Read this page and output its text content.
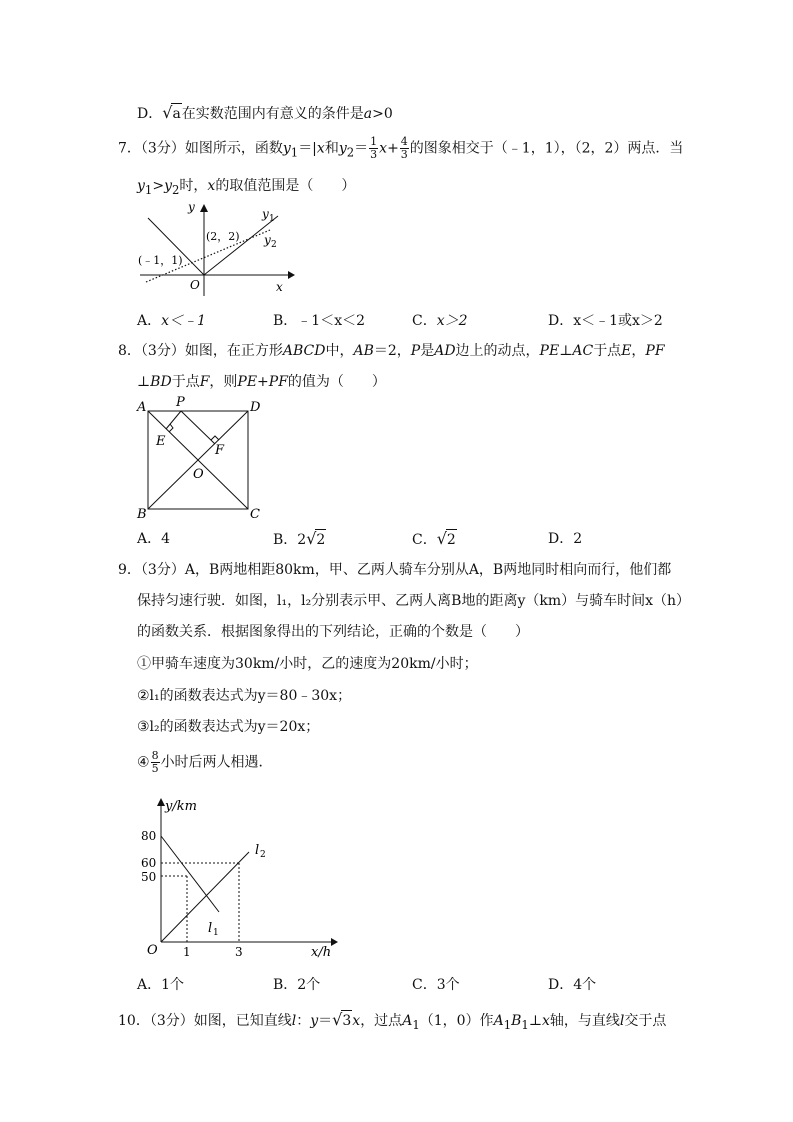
D．√a在实数范围内有意义的条件是a>0
7．（3分）如图所示，函数$y_1=|x$和$y_2= \frac{1}{3} x+ \frac{4}{3}$ 的图象相交于（﹣1，1），（2，2）两点．当
$y_1>y_2$时，x的取值范围是（　　）
y
x
O
y 1
y 2
(﹣1，1)
(2，2)
A．x＜﹣1	B．﹣1＜x＜2	C．x＞2	D．x＜﹣1或x＞2
8．（3分）如图，在正方形ABCD中，AB＝2，P是AD边上的动点，PE⊥AC于点E，PF
⊥BD于点F，则PE+PF的值为（　　）
A	D
B	C
P
E
F
O
A．4	B．2√2	C．√2	D．2
9．（3分）A，B两地相距80km，甲、乙两人骑车分别从A，B两地同时相向而行，他们都
保持匀速行驶．如图，l₁，l₂分别表示甲、乙两人离B地的距离y（km）与骑车时间x（h）
的函数关系．根据图象得出的下列结论，正确的个数是（　　）
①甲骑车速度为30km/小时，乙的速度为20km/小时；
②l₁的函数表达式为y＝80﹣30x；
③l₂的函数表达式为y＝20x；
④ $\frac{8}{5}$ 小时后两人相遇．
y/km
x/h
O
80
60
50
1	3
l 1
l 2
A．1个	B．2个	C．3个	D．4个
10．（3分）如图，已知直线l：y＝√3x，过点$A_1(1$，0）作$A_1B_1\perp x$轴，与直线l交于点
